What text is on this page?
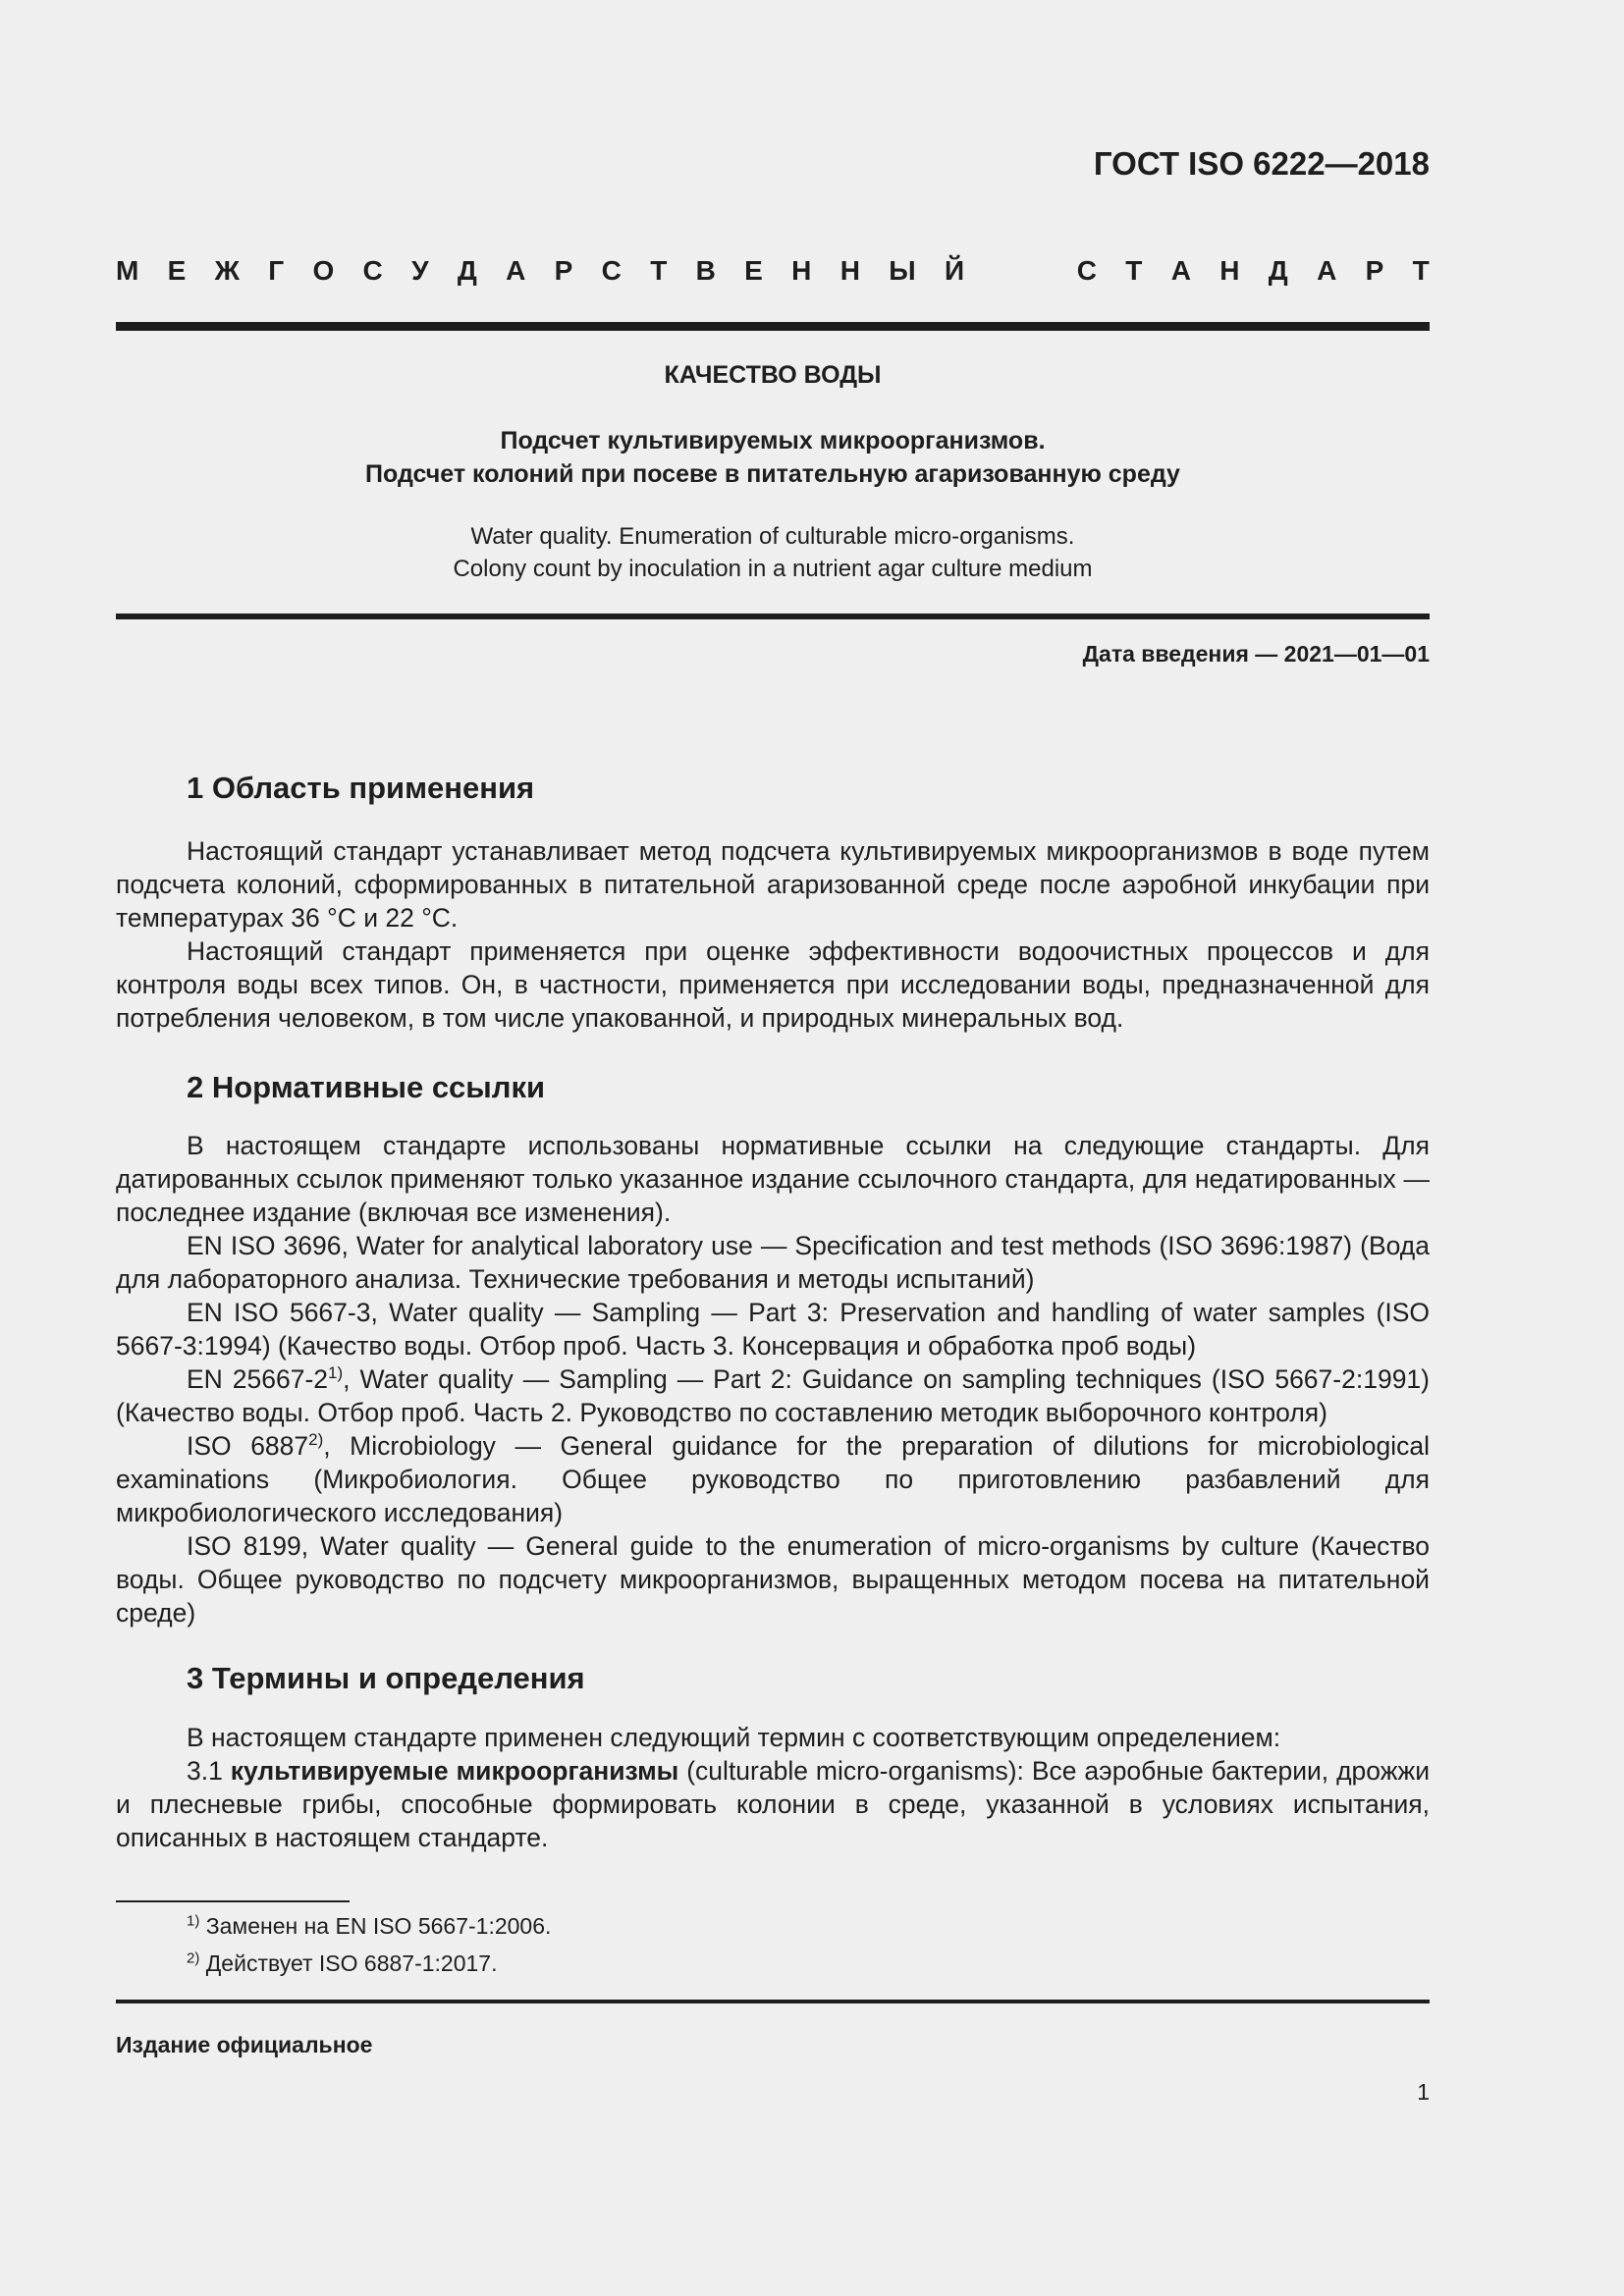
ГОСТ ISO 6222—2018
М Е Ж Г О С У Д А Р С Т В Е Н Н Ы Й	С Т А Н Д А Р Т
КАЧЕСТВО ВОДЫ
Подсчет культивируемых микроорганизмов.
Подсчет колоний при посеве в питательную агаризованную среду
Water quality. Enumeration of culturable micro-organisms.
Colony count by inoculation in a nutrient agar culture medium
Дата введения — 2021—01—01
1 Область применения

Настоящий стандарт устанавливает метод подсчета культивируемых микроорганизмов в воде путем подсчета колоний, сформированных в питательной агаризованной среде после аэробной инкубации при температурах 36 °С и 22 °С.

Настоящий стандарт применяется при оценке эффективности водоочистных процессов и для контроля воды всех типов. Он, в частности, применяется при исследовании воды, предназначенной для потребления человеком, в том числе упакованной, и природных минеральных вод.

2 Нормативные ссылки

В настоящем стандарте использованы нормативные ссылки на следующие стандарты. Для датированных ссылок применяют только указанное издание ссылочного стандарта, для недатированных — последнее издание (включая все изменения).

EN ISO 3696, Water for analytical laboratory use — Specification and test methods (ISO 3696:1987) (Вода для лабораторного анализа. Технические требования и методы испытаний)

EN ISO 5667-3, Water quality — Sampling — Part 3: Preservation and handling of water samples (ISO 5667-3:1994) (Качество воды. Отбор проб. Часть 3. Консервация и обработка проб воды)

EN 25667-2$^{1)}$, Water quality — Sampling — Part 2: Guidance on sampling techniques (ISO 5667-2:1991) (Качество воды. Отбор проб. Часть 2. Руководство по составлению методик выборочного контроля)

ISO 6887$^{2)}$, Microbiology — General guidance for the preparation of dilutions for microbiological examinations (Микробиология. Общее руководство по приготовлению разбавлений для микробиологического исследования)

ISO 8199, Water quality — General guide to the enumeration of micro-organisms by culture (Качество воды. Общее руководство по подсчету микроорганизмов, выращенных методом посева на питательной среде)

3 Термины и определения

В настоящем стандарте применен следующий термин с соответствующим определением:

3.1 культивируемые микроорганизмы (culturable micro-organisms): Все аэробные бактерии, дрожжи и плесневые грибы, способные формировать колонии в среде, указанной в условиях испытания, описанных в настоящем стандарте.

$^{1)}$ Заменен на EN ISO 5667-1:2006.
$^{2)}$ Действует ISO 6887-1:2017.
Издание официальное
1
